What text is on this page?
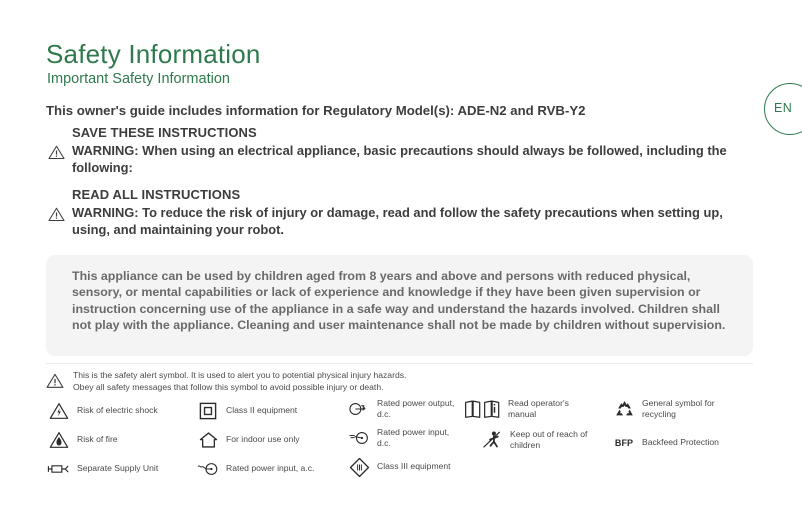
Safety Information
Important Safety Information
EN
This owner's guide includes information for Regulatory Model(s): ADE-N2 and RVB-Y2
SAVE THESE INSTRUCTIONS
WARNING: When using an electrical appliance, basic precautions should always be followed, including the following:
READ ALL INSTRUCTIONS
WARNING: To reduce the risk of injury or damage, read and follow the safety precautions when setting up, using, and maintaining your robot.
This appliance can be used by children aged from 8 years and above and persons with reduced physical, sensory, or mental capabilities or lack of experience and knowledge if they have been given supervision or instruction concerning use of the appliance in a safe way and understand the hazards involved. Children shall not play with the appliance. Cleaning and user maintenance shall not be made by children without supervision.
This is the safety alert symbol. It is used to alert you to potential physical injury hazards.
Obey all safety messages that follow this symbol to avoid possible injury or death.
Risk of electric shock
Risk of fire
Separate Supply Unit
Class II equipment
For indoor use only
Rated power input, a.c.
Rated power output, d.c.
Rated power input, d.c.
Class III equipment
Read operator's manual
Keep out of reach of children
General symbol for recycling
BFP Backfeed Protection
